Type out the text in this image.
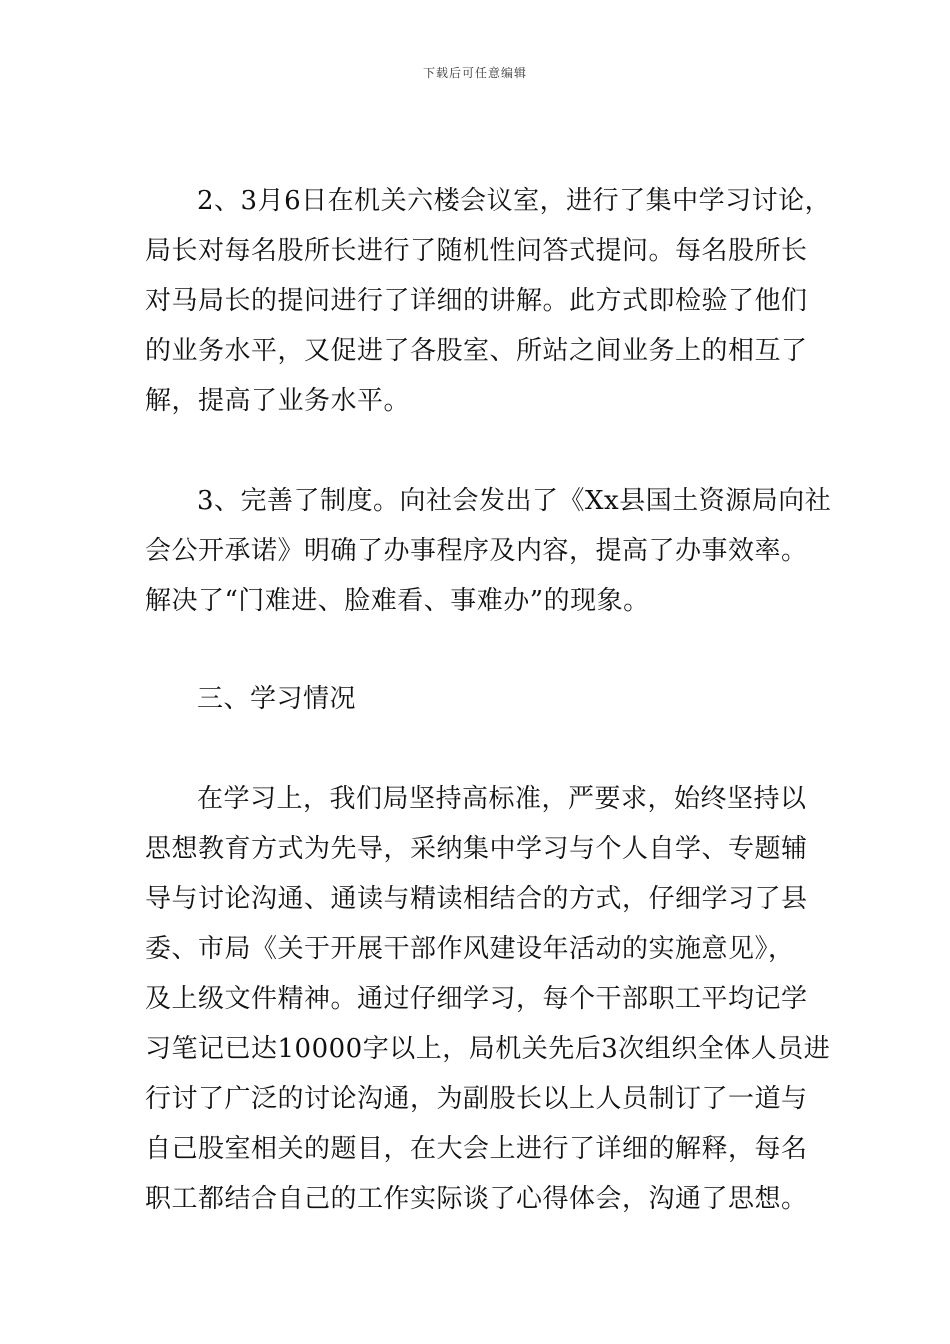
下载后可任意编辑
2、3月6日在机关六楼会议室，进行了集中学习讨论，
局长对每名股所长进行了随机性问答式提问。每名股所长
对马局长的提问进行了详细的讲解。此方式即检验了他们
的业务水平，又促进了各股室、所站之间业务上的相互了
解，提高了业务水平。
3、完善了制度。向社会发出了《Xx县国土资源局向社
会公开承诺》明确了办事程序及内容，提高了办事效率。
解决了“门难进、脸难看、事难办”的现象。
三、学习情况
在学习上，我们局坚持高标准，严要求，始终坚持以
思想教育方式为先导，采纳集中学习与个人自学、专题辅
导与讨论沟通、通读与精读相结合的方式，仔细学习了县
委、市局《关于开展干部作风建设年活动的实施意见》，
及上级文件精神。通过仔细学习，每个干部职工平均记学
习笔记已达10000字以上，局机关先后3次组织全体人员进
行讨了广泛的讨论沟通，为副股长以上人员制订了一道与
自己股室相关的题目，在大会上进行了详细的解释，每名
职工都结合自己的工作实际谈了心得体会，沟通了思想。
